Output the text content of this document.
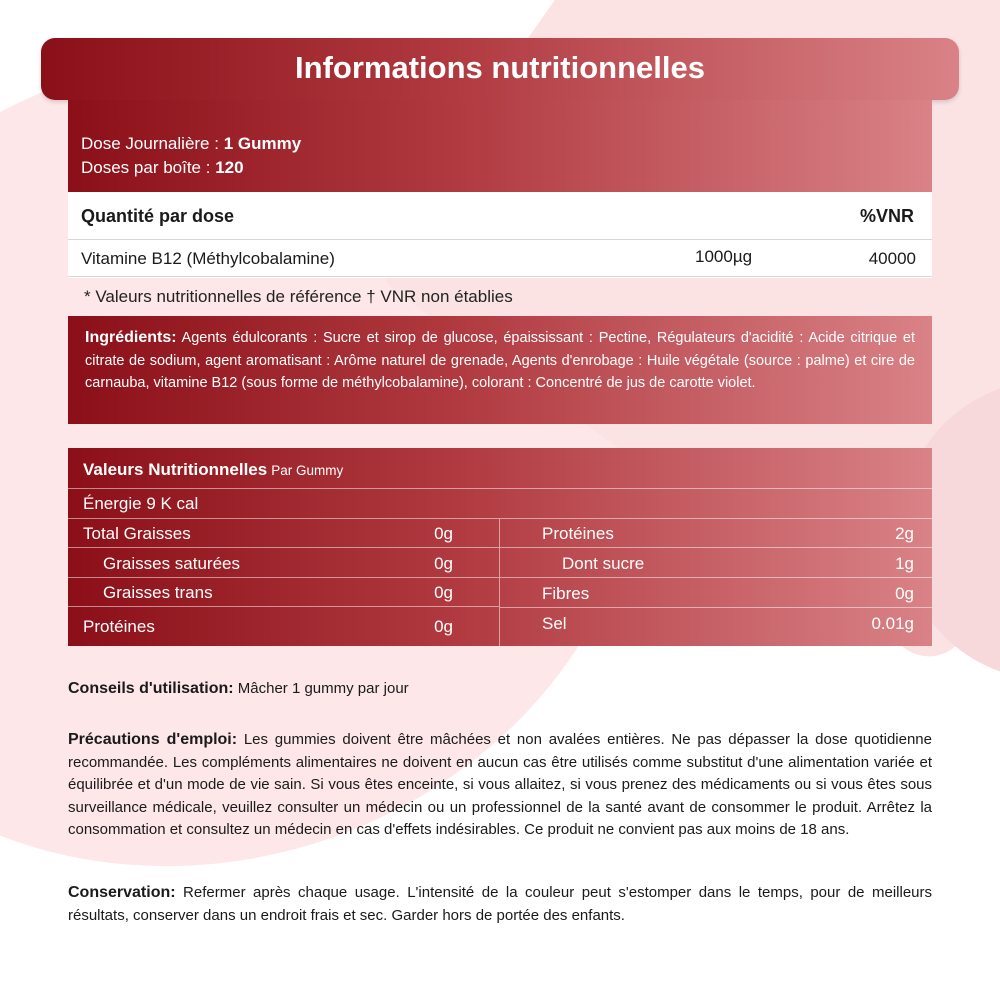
Informations nutritionnelles
Dose Journalière : 1 Gummy
Doses par boîte : 120
Quantité par dose	%VNR
Vitamine B12 (Méthylcobalamine)	1000µg	40000
* Valeurs nutritionnelles de référence † VNR non établies
Ingrédients: Agents édulcorants : Sucre et sirop de glucose, épaississant : Pectine, Régulateurs d'acidité : Acide citrique et citrate de sodium, agent aromatisant : Arôme naturel de grenade, Agents d'enrobage : Huile végétale (source : palme) et cire de carnauba, vitamine B12 (sous forme de méthylcobalamine), colorant : Concentré de jus de carotte violet.
Valeurs Nutritionnelles Par Gummy
Énergie 9 K cal
Total Graisses	0g
Graisses saturées	0g
Graisses trans	0g
Protéines	0g
Protéines	2g
Dont sucre	1g
Fibres	0g
Sel	0.01g
Conseils d'utilisation: Mâcher 1 gummy par jour
Précautions d'emploi: Les gummies doivent être mâchées et non avalées entières. Ne pas dépasser la dose quotidienne recommandée. Les compléments alimentaires ne doivent en aucun cas être utilisés comme substitut d'une alimentation variée et équilibrée et d'un mode de vie sain. Si vous êtes enceinte, si vous allaitez, si vous prenez des médicaments ou si vous êtes sous surveillance médicale, veuillez consulter un médecin ou un professionnel de la santé avant de consommer le produit. Arrêtez la consommation et consultez un médecin en cas d'effets indésirables. Ce produit ne convient pas aux moins de 18 ans.
Conservation: Refermer après chaque usage. L'intensité de la couleur peut s'estomper dans le temps, pour de meilleurs résultats, conserver dans un endroit frais et sec. Garder hors de portée des enfants.
